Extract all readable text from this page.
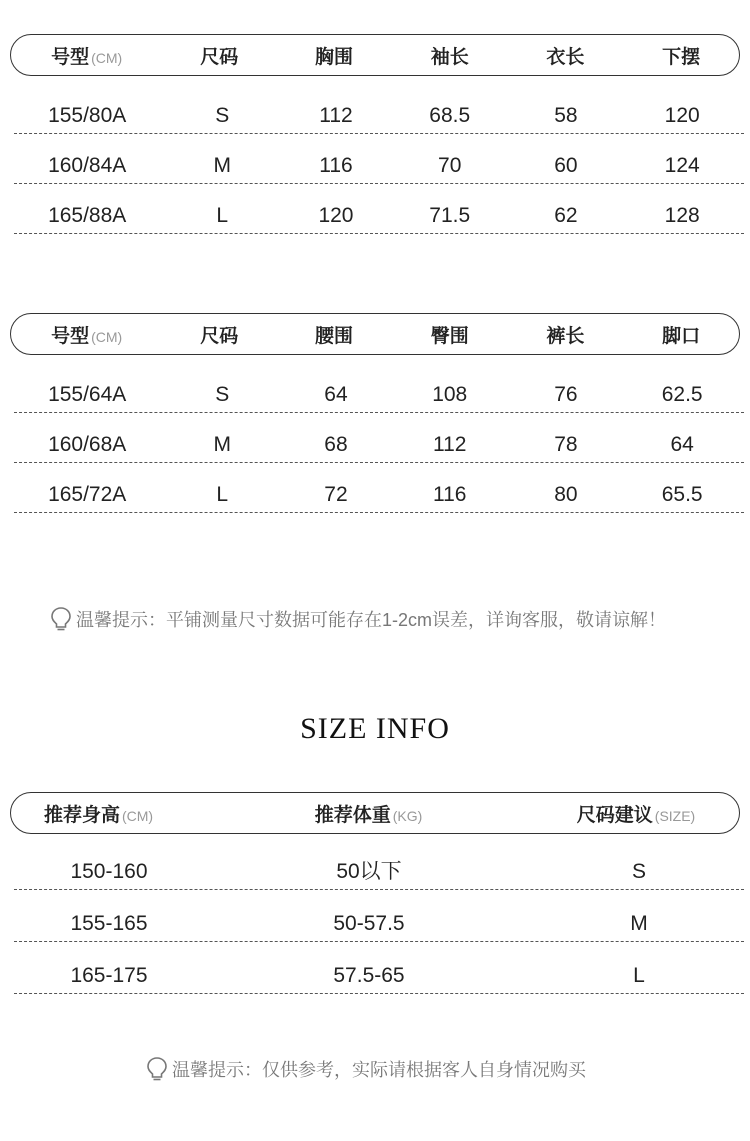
号型 (CM)	尺码	胸围	袖长	衣长	下摆
155/80A	S	112	68.5	58	120
160/84A	M	116	70	60	124
165/88A	L	120	71.5	62	128
号型 (CM)	尺码	腰围	臀围	裤长	脚口
155/64A	S	64	108	76	62.5
160/68A	M	68	112	78	64
165/72A	L	72	116	80	65.5
温馨提示：平铺测量尺寸数据可能存在1-2cm误差，详询客服，敬请谅解！
SIZE INFO
推荐身高 (CM)	推荐体重 (KG)	尺码建议 (SIZE)
150-160	50以下	S
155-165	50-57.5	M
165-175	57.5-65	L
温馨提示：仅供参考，实际请根据客人自身情况购买
